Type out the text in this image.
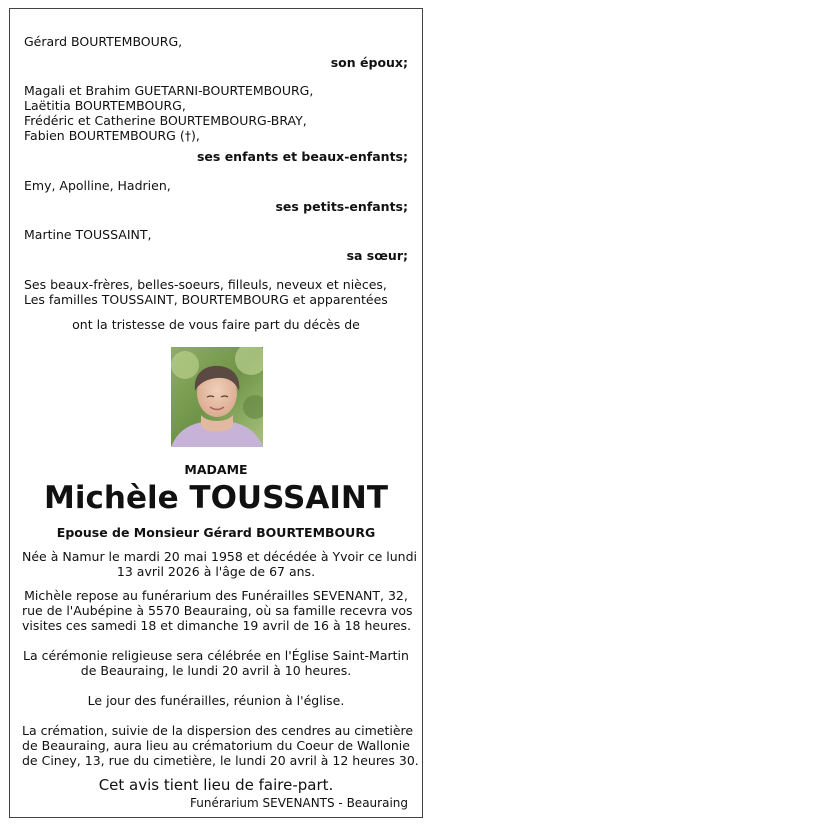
Gérard BOURTEMBOURG,
son époux;
Magali et Brahim GUETARNI-BOURTEMBOURG,
Laëtitia BOURTEMBOURG,
Frédéric et Catherine BOURTEMBOURG-BRAY,
Fabien BOURTEMBOURG (†),
ses enfants et beaux-enfants;
Emy, Apolline, Hadrien,
ses petits-enfants;
Martine TOUSSAINT,
sa sœur;
Ses beaux-frères, belles-soeurs, filleuls, neveux et nièces,
Les familles TOUSSAINT, BOURTEMBOURG et apparentées
ont la tristesse de vous faire part du décès de
MADAME
Michèle TOUSSAINT
Epouse de Monsieur Gérard BOURTEMBOURG
Née à Namur le mardi 20 mai 1958 et décédée à Yvoir ce lundi
13 avril 2026 à l'âge de 67 ans.
Michèle repose au funérarium des Funérailles SEVENANT, 32,
rue de l'Aubépine à 5570 Beauraing, où sa famille recevra vos
visites ces samedi 18 et dimanche 19 avril de 16 à 18 heures.
La cérémonie religieuse sera célébrée en l'Église Saint-Martin
de Beauraing, le lundi 20 avril à 10 heures.
Le jour des funérailles, réunion à l'église.
La crémation, suivie de la dispersion des cendres au cimetière
de Beauraing, aura lieu au crématorium du Coeur de Wallonie
de Ciney, 13, rue du cimetière, le lundi 20 avril à 12 heures 30.
Cet avis tient lieu de faire-part.
Funérarium SEVENANTS - Beauraing
